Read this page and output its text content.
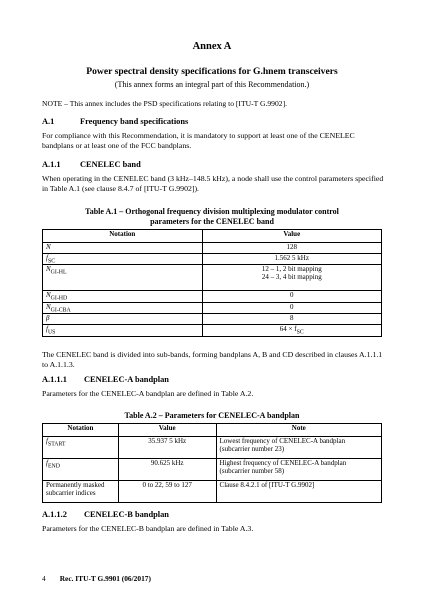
Annex A
Power spectral density specifications for G.hnem transceivers
(This annex forms an integral part of this Recommendation.)
NOTE – This annex includes the PSD specifications relating to [ITU-T G.9902].
A.1	Frequency band specifications
For compliance with this Recommendation, it is mandatory to support at least one of the CENELEC bandplans or at least one of the FCC bandplans.
A.1.1 CENELEC band
When operating in the CENELEC band (3 kHz–148.5 kHz), a node shall use the control parameters specified in Table A.1 (see clause 8.4.7 of [ITU-T G.9902]).
Table A.1 – Orthogonal frequency division multiplexing modulator control
parameters for the CENELEC band
Notation	Value
N	128
$f_{SC}$	1.562 5 kHz
$N_{GI-HL}$	12 – 1, 2 bit mapping
24 – 3, 4 bit mapping

$N_{GI-HD}$	0
$N_{GI-CBA}$	0
β	8
$f_{US}$	$64 \times f_{SC}$
The CENELEC band is divided into sub-bands, forming bandplans A, B and CD described in clauses A.1.1.1 to A.1.1.3.
A.1.1.1 CENELEC-A bandplan
Parameters for the CENELEC-A bandplan are defined in Table A.2.
Table A.2 – Parameters for CENELEC-A bandplan
Notation	Value	Note
$f_{START}$	35.937 5 kHz	Lowest frequency of CENELEC-A bandplan
(subcarrier number 23)

$f_{END}$	90.625 kHz	Highest frequency of CENELEC-A bandplan
(subcarrier number 58)

Permanently masked
subcarrier indices	0 to 22, 59 to 127	Clause 8.4.2.1 of [ITU-T G.9902]
A.1.1.2 CENELEC-B bandplan
Parameters for the CENELEC-B bandplan are defined in Table A.3.
4 Rec. ITU-T G.9901 (06/2017)
